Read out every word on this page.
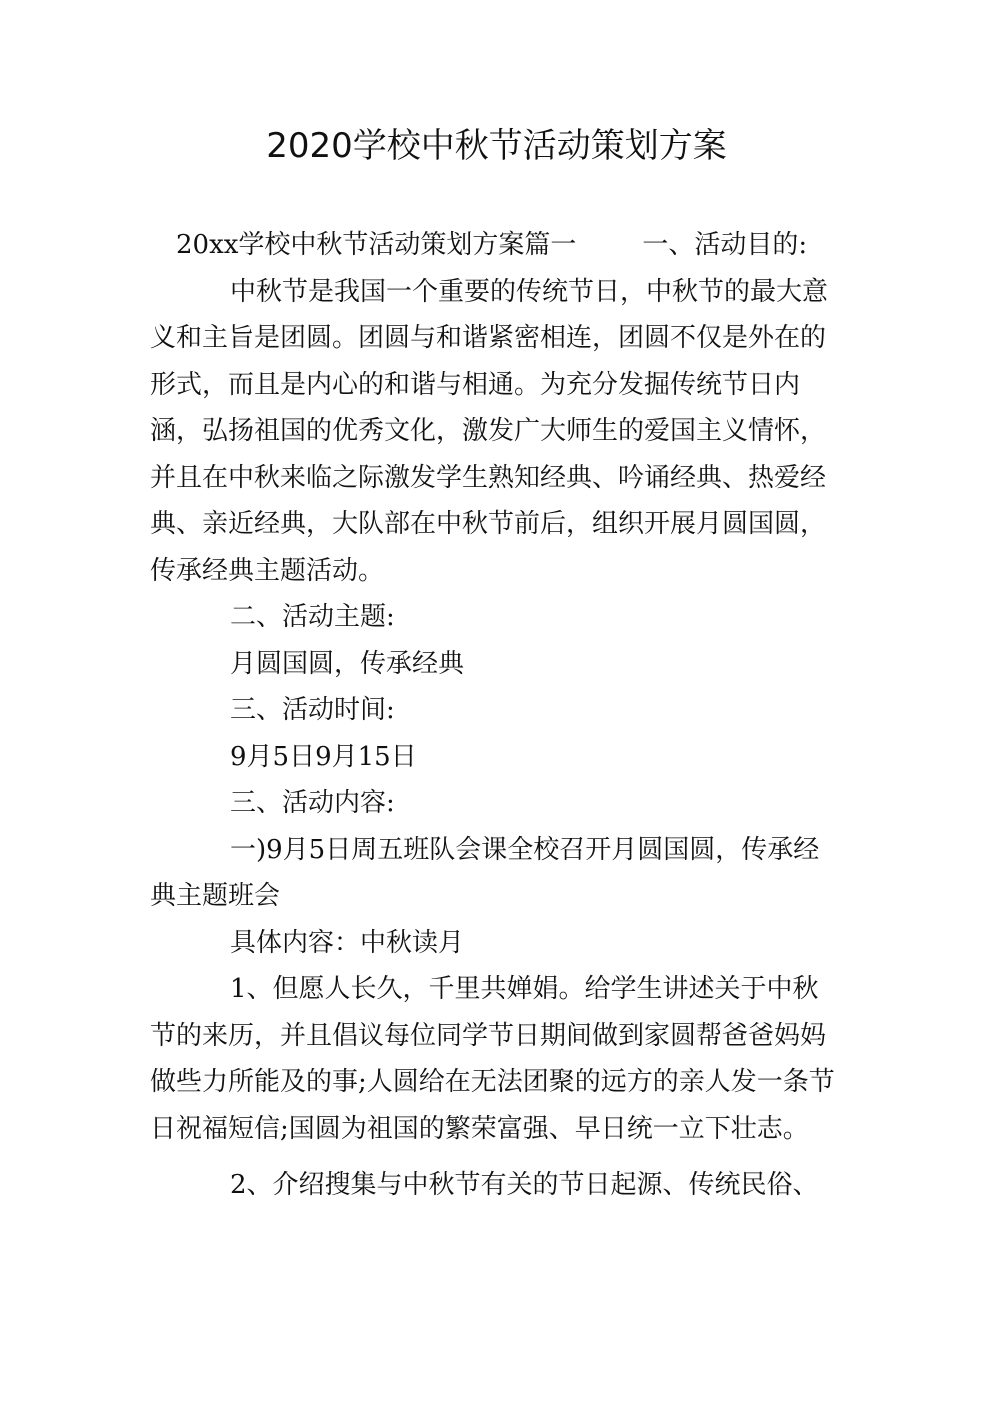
2020学校中秋节活动策划方案

20xx学校中秋节活动策划方案篇一	一、活动目的:

中秋节是我国一个重要的传统节日，中秋节的最大意义和主旨是团圆。团圆与和谐紧密相连，团圆不仅是外在的形式，而且是内心的和谐与相通。为充分发掘传统节日内涵，弘扬祖国的优秀文化，激发广大师生的爱国主义情怀，并且在中秋来临之际激发学生熟知经典、吟诵经典、热爱经典、亲近经典，大队部在中秋节前后，组织开展月圆国圆，传承经典主题活动。

二、活动主题:

月圆国圆，传承经典

三、活动时间:

9月5日9月15日

三、活动内容:

一)9月5日周五班队会课全校召开月圆国圆，传承经典主题班会

具体内容：中秋读月

1、但愿人长久，千里共婵娟。给学生讲述关于中秋节的来历，并且倡议每位同学节日期间做到家圆帮爸爸妈妈做些力所能及的事;人圆给在无法团聚的远方的亲人发一条节日祝福短信;国圆为祖国的繁荣富强、早日统一立下壮志。

2、介绍搜集与中秋节有关的节日起源、传统民俗、
